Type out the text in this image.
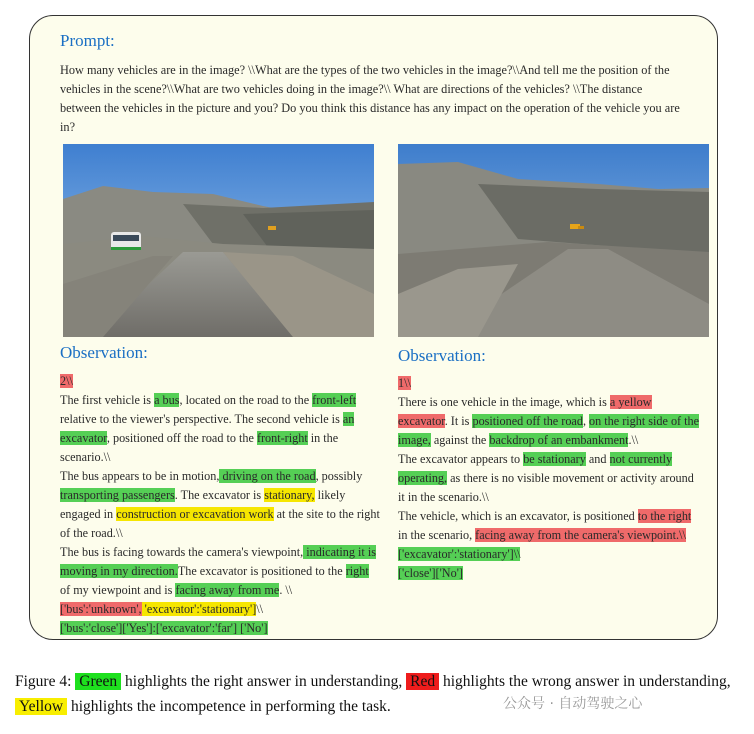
Prompt:
How many vehicles are in the image? \\What are the types of the two vehicles in the image?\\And tell me the position of the vehicles in the scene?\\What are two vehicles doing in the image?\\ What are directions of the vehicles? \\The distance between the vehicles in the picture and you? Do you think this distance has any impact on the operation of the vehicle you are in?
Observation:	Observation:
2\\
The first vehicle is a bus, located on the road to the front-left relative to the viewer's perspective. The second vehicle is an excavator, positioned off the road to the front-right in the scenario.\\
The bus appears to be in motion, driving on the road, possibly transporting passengers. The excavator is stationary, likely engaged in construction or excavation work at the site to the right of the road.\\
The bus is facing towards the camera's viewpoint, indicating it is moving in my direction.The excavator is positioned to the right of my viewpoint and is facing away from me. \\
['bus':'unknown', 'excavator':'stationary']\\
['bus':'close']['Yes']:['excavator':'far'] ['No']
1\\
There is one vehicle in the image, which is a yellow excavator. It is positioned off the road, on the right side of the image, against the backdrop of an embankment.\\
The excavator appears to be stationary and not currently operating, as there is no visible movement or activity around it in the scenario.\\
The vehicle, which is an excavator, is positioned to the right in the scenario, facing away from the camera's viewpoint.\\
['excavator':'stationary']\\
['close']['No']
Figure 4: Green highlights the right answer in understanding, Red highlights the wrong answer in understanding, Yellow highlights the incompetence in performing the task.	公众号 · 自动驾驶之心
